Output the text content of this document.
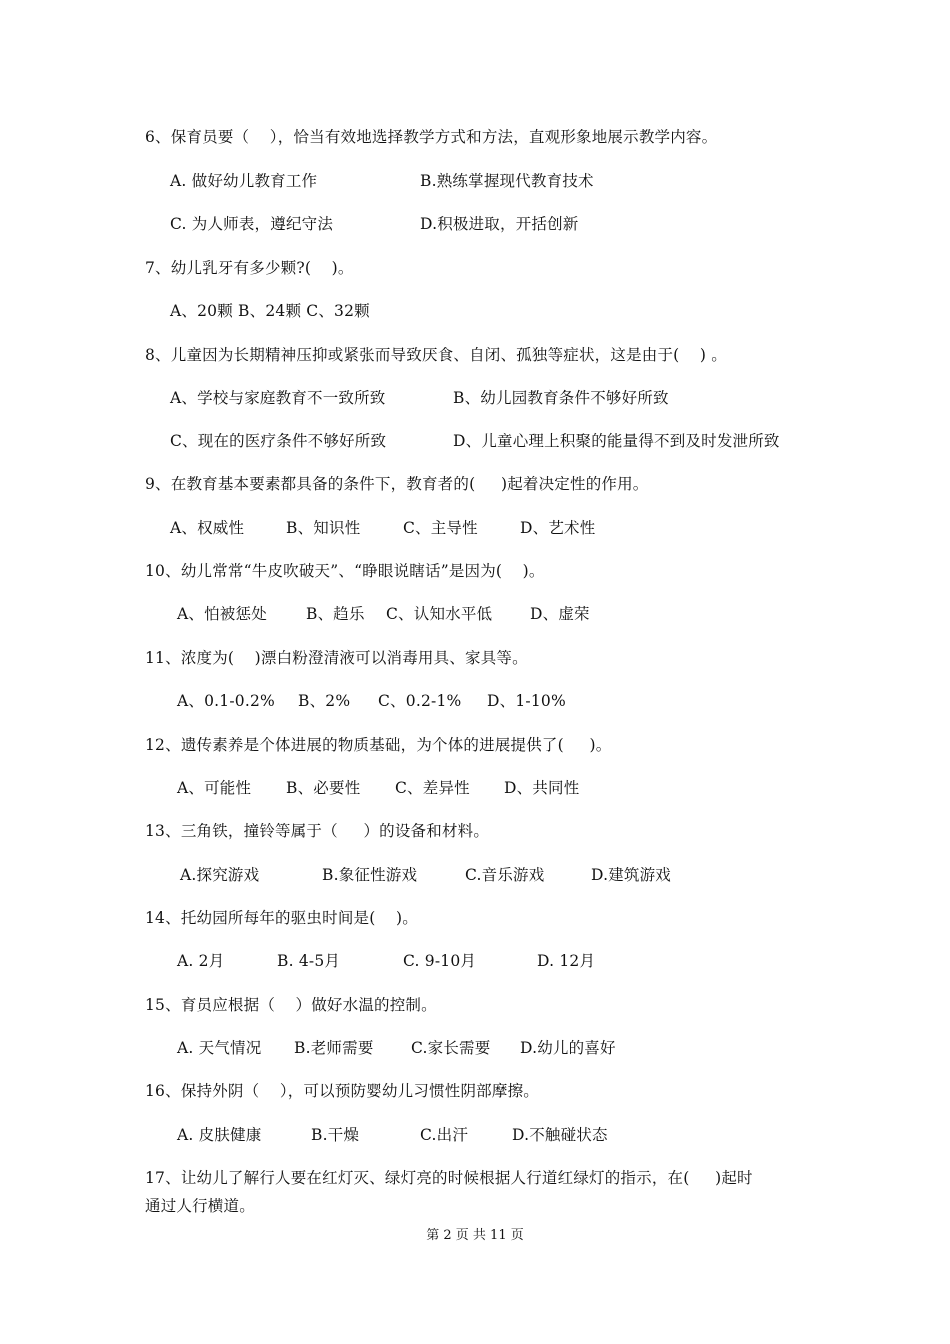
6、保育员要（    ），恰当有效地选择教学方式和方法，直观形象地展示教学内容。
A. 做好幼儿教育工作	B.熟练掌握现代教育技术
C. 为人师表，遵纪守法	D.积极进取，开括创新
7、幼儿乳牙有多少颗?(    )。
A、20颗 B、24颗 C、32颗
8、儿童因为长期精神压抑或紧张而导致厌食、自闭、孤独等症状，这是由于(    ) 。
A、学校与家庭教育不一致所致	B、幼儿园教育条件不够好所致
C、现在的医疗条件不够好所致	D、儿童心理上积聚的能量得不到及时发泄所致
9、在教育基本要素都具备的条件下，教育者的(     )起着决定性的作用。
A、权威性	B、知识性	C、主导性	D、艺术性
10、幼儿常常“牛皮吹破天”、“睁眼说瞎话”是因为(    )。
A、怕被惩处	B、趋乐 C、认知水平低 D、虚荣
11、浓度为(    )漂白粉澄清液可以消毒用具、家具等。
A、0.1-0.2% B、2% C、0.2-1% D、1-10%
12、遗传素养是个体进展的物质基础，为个体的进展提供了(     )。
A、可能性 B、必要性 C、差异性 D、共同性
13、三角铁，撞铃等属于（     ）的设备和材料。
A.探究游戏	B.象征性游戏	C.音乐游戏	D.建筑游戏
14、托幼园所每年的驱虫时间是(    )。
A. 2月	B. 4-5月	C. 9-10月	D. 12月
15、育员应根据（    ）做好水温的控制。
A. 天气情况 B.老师需要 C.家长需要 D.幼儿的喜好
16、保持外阴（    ），可以预防婴幼儿习惯性阴部摩擦。
A. 皮肤健康	B.干燥	C.出汗	D.不触碰状态
17、让幼儿了解行人要在红灯灭、绿灯亮的时候根据人行道红绿灯的指示，在(     )起时
通过人行横道。
第 2 页 共 11 页
